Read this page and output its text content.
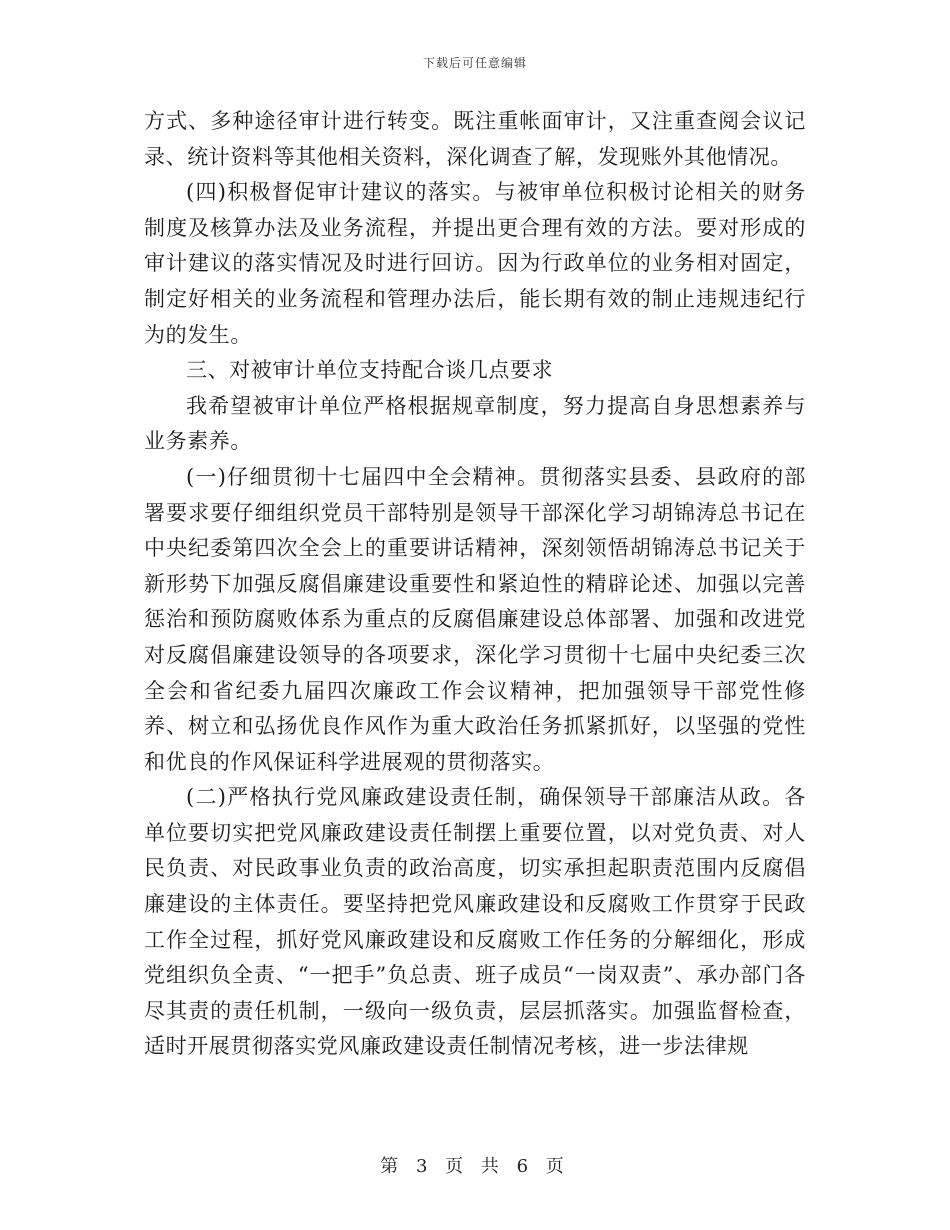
下载后可任意编辑

方式、多种途径审计进行转变。既注重帐面审计，又注重查阅会议记录、统计资料等其他相关资料，深化调查了解，发现账外其他情况。

(四)积极督促审计建议的落实。与被审单位积极讨论相关的财务制度及核算办法及业务流程，并提出更合理有效的方法。要对形成的审计建议的落实情况及时进行回访。因为行政单位的业务相对固定，制定好相关的业务流程和管理办法后，能长期有效的制止违规违纪行为的发生。

三、对被审计单位支持配合谈几点要求

我希望被审计单位严格根据规章制度，努力提高自身思想素养与业务素养。

(一)仔细贯彻十七届四中全会精神。贯彻落实县委、县政府的部署要求要仔细组织党员干部特别是领导干部深化学习胡锦涛总书记在中央纪委第四次全会上的重要讲话精神，深刻领悟胡锦涛总书记关于新形势下加强反腐倡廉建设重要性和紧迫性的精辟论述、加强以完善惩治和预防腐败体系为重点的反腐倡廉建设总体部署、加强和改进党对反腐倡廉建设领导的各项要求，深化学习贯彻十七届中央纪委三次全会和省纪委九届四次廉政工作会议精神，把加强领导干部党性修养、树立和弘扬优良作风作为重大政治任务抓紧抓好，以坚强的党性和优良的作风保证科学进展观的贯彻落实。

(二)严格执行党风廉政建设责任制，确保领导干部廉洁从政。各单位要切实把党风廉政建设责任制摆上重要位置，以对党负责、对人民负责、对民政事业负责的政治高度，切实承担起职责范围内反腐倡廉建设的主体责任。要坚持把党风廉政建设和反腐败工作贯穿于民政工作全过程，抓好党风廉政建设和反腐败工作任务的分解细化，形成党组织负全责、“一把手”负总责、班子成员“一岗双责”、承办部门各尽其责的责任机制，一级向一级负责，层层抓落实。加强监督检查，适时开展贯彻落实党风廉政建设责任制情况考核，进一步法律规

第 3 页 共 6 页
